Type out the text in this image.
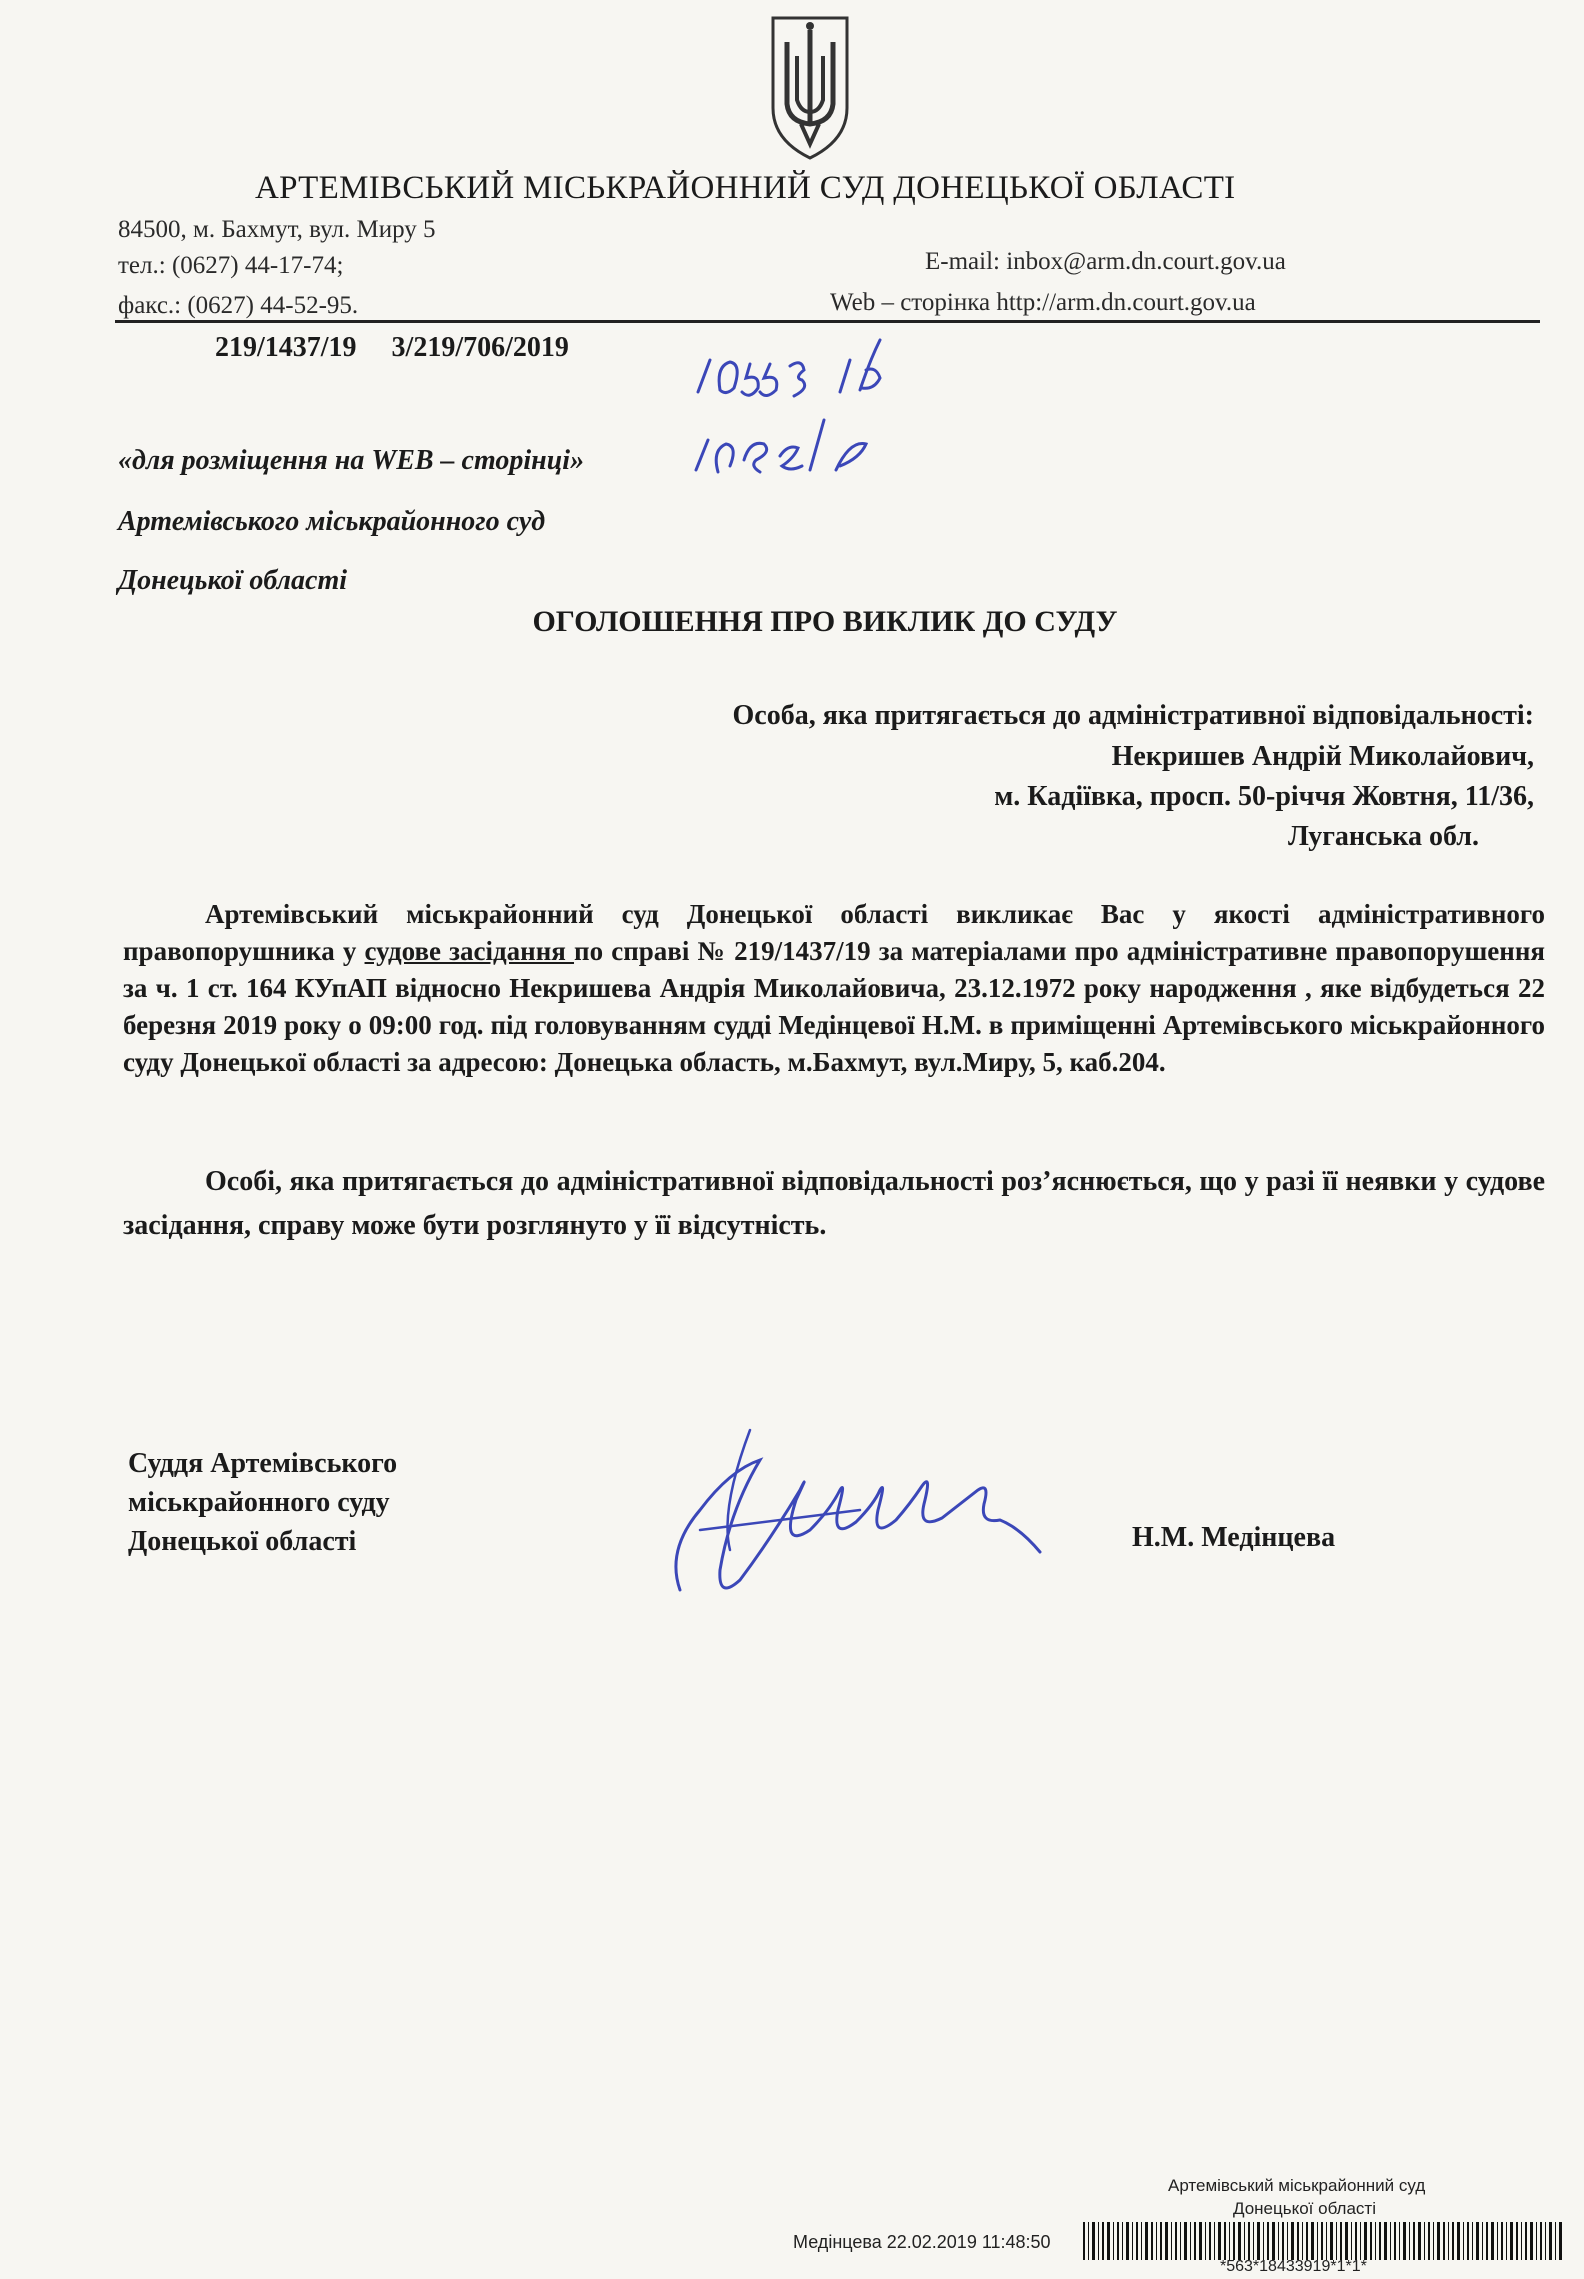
АРТЕМІВСЬКИЙ МІСЬКРАЙОННИЙ СУД ДОНЕЦЬКОЇ ОБЛАСТІ
84500, м. Бахмут, вул. Миру 5
тел.: (0627) 44-17-74;
факс.: (0627) 44-52-95.
E-mail: inbox@arm.dn.court.gov.ua
Web – сторінка http://arm.dn.court.gov.ua
219/1437/19 3/219/706/2019
«для розміщення на WEB – сторінці»
Артемівського міськрайонного суд
Донецької області
ОГОЛОШЕННЯ ПРО ВИКЛИК ДО СУДУ
Особа, яка притягається до адміністративної відповідальності:
Некришев Андрій Миколайович,
м. Кадіївка, просп. 50-річчя Жовтня, 11/36,
Луганська обл.
Артемівський міськрайонний суд Донецької області викликає Вас у якості адміністративного правопорушника у судове засідання по справі № 219/1437/19 за матеріалами про адміністративне правопорушення за ч. 1 ст. 164 КУпАП відносно Некришева Андрія Миколайовича, 23.12.1972 року народження , яке відбудеться 22 березня 2019 року о 09:00 год. під головуванням судді Медінцевої Н.М. в приміщенні Артемівського міськрайонного суду Донецької області за адресою: Донецька область, м.Бахмут, вул.Миру, 5, каб.204.
Особі, яка притягається до адміністративної відповідальності роз’яснюється, що у разі її неявки у судове засідання, справу може бути розглянуто у її відсутність.
Суддя Артемівського
міськрайонного суду
Донецької області	Н.М. Медінцева
Артемівський міськрайонний суд
Донецької області
Медінцева 22.02.2019 11:48:50
*563*18433919*1*1*
